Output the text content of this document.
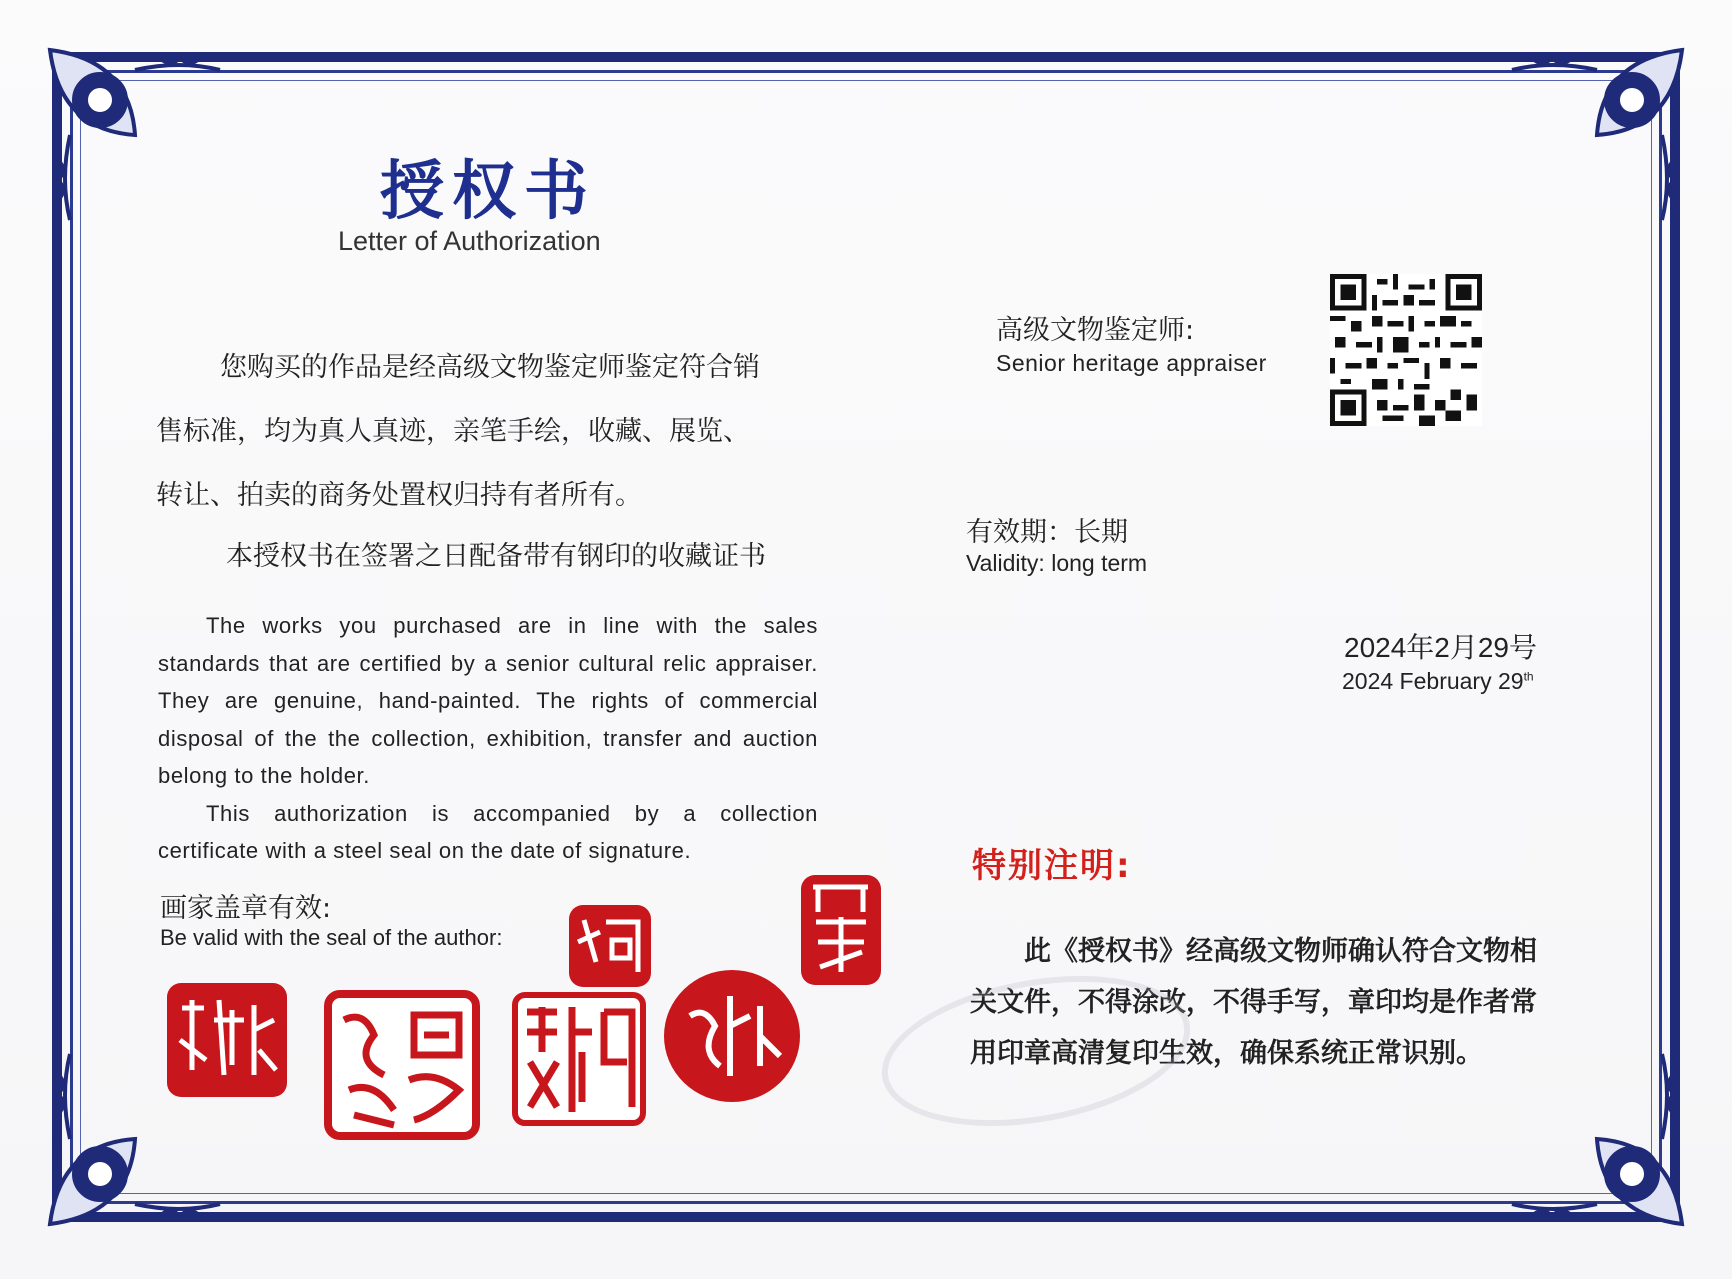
授权书
Letter of Authorization

您购买的作品是经高级文物鉴定师鉴定符合销

售标准，均为真人真迹，亲笔手绘，收藏、展览、

转让、拍卖的商务处置权归持有者所有。

本授权书在签署之日配备带有钢印的收藏证书

The works you purchased are in line with the sales standards that are certified by a senior cultural relic appraiser. They are genuine, hand-painted. The rights of commercial disposal of the the collection, exhibition, transfer and auction belong to the holder.

This authorization is accompanied by a collection certificate with a steel seal on the date of signature.

画家盖章有效:
Be valid with the seal of the author:
高级文物鉴定师:
Senior heritage appraiser
有效期：长期
Validity: long term
2024年2月29号
2024 February 29th
特别注明:
此《授权书》经高级文物师确认符合文物相
关文件，不得涂改，不得手写，章印均是作者常
用印章高清复印生效，确保系统正常识别。
